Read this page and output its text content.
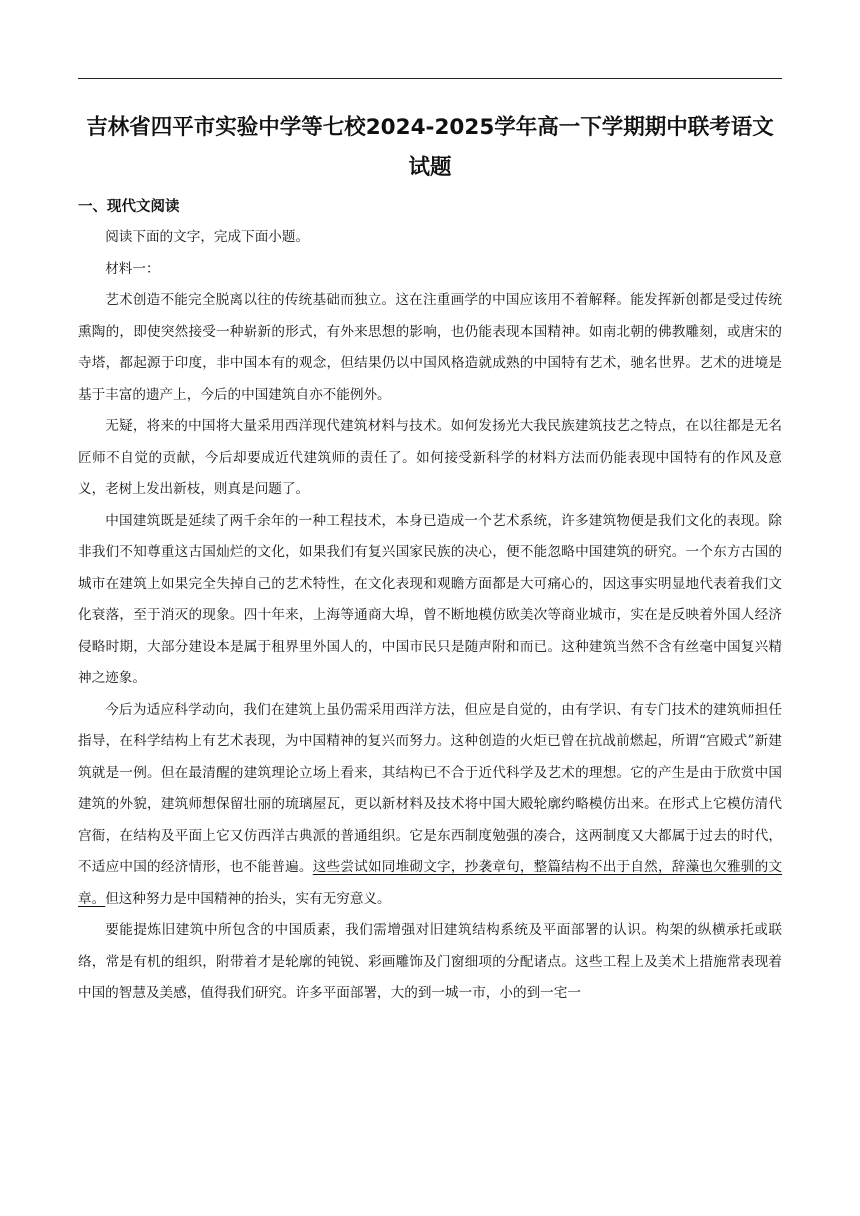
吉林省四平市实验中学等七校2024-2025学年高一下学期期中联考语文试题
一、现代文阅读

阅读下面的文字，完成下面小题。

材料一：

艺术创造不能完全脱离以往的传统基础而独立。这在注重画学的中国应该用不着解释。能发挥新创都是受过传统熏陶的，即使突然接受一种崭新的形式，有外来思想的影响，也仍能表现本国精神。如南北朝的佛教雕刻，或唐宋的寺塔，都起源于印度，非中国本有的观念，但结果仍以中国风格造就成熟的中国特有艺术，驰名世界。艺术的进境是基于丰富的遗产上，今后的中国建筑自亦不能例外。

无疑，将来的中国将大量采用西洋现代建筑材料与技术。如何发扬光大我民族建筑技艺之特点，在以往都是无名匠师不自觉的贡献，今后却要成近代建筑师的责任了。如何接受新科学的材料方法而仍能表现中国特有的作风及意义，老树上发出新枝，则真是问题了。

中国建筑既是延续了两千余年的一种工程技术，本身已造成一个艺术系统，许多建筑物便是我们文化的表现。除非我们不知尊重这古国灿烂的文化，如果我们有复兴国家民族的决心，便不能忽略中国建筑的研究。一个东方古国的城市在建筑上如果完全失掉自己的艺术特性，在文化表现和观瞻方面都是大可痛心的，因这事实明显地代表着我们文化衰落，至于消灭的现象。四十年来，上海等通商大埠，曾不断地模仿欧美次等商业城市，实在是反映着外国人经济侵略时期，大部分建设本是属于租界里外国人的，中国市民只是随声附和而已。这种建筑当然不含有丝毫中国复兴精神之迹象。

今后为适应科学动向，我们在建筑上虽仍需采用西洋方法，但应是自觉的，由有学识、有专门技术的建筑师担任指导，在科学结构上有艺术表现，为中国精神的复兴而努力。这种创造的火炬已曾在抗战前燃起，所谓“宫殿式”新建筑就是一例。但在最清醒的建筑理论立场上看来，其结构已不合于近代科学及艺术的理想。它的产生是由于欣赏中国建筑的外貌，建筑师想保留壮丽的琉璃屋瓦，更以新材料及技术将中国大殿轮廓约略模仿出来。在形式上它模仿清代宫衙，在结构及平面上它又仿西洋古典派的普通组织。它是东西制度勉强的凑合，这两制度又大都属于过去的时代，不适应中国的经济情形，也不能普遍。这些尝试如同堆砌文字，抄袭章句，整篇结构不出于自然，辞藻也欠雅驯的文章。但这种努力是中国精神的抬头，实有无穷意义。

要能提炼旧建筑中所包含的中国质素，我们需增强对旧建筑结构系统及平面部署的认识。构架的纵横承托或联络，常是有机的组织，附带着才是轮廓的钝锐、彩画雕饰及门窗细项的分配诸点。这些工程上及美术上措施常表现着中国的智慧及美感，值得我们研究。许多平面部署，大的到一城一市，小的到一宅一
